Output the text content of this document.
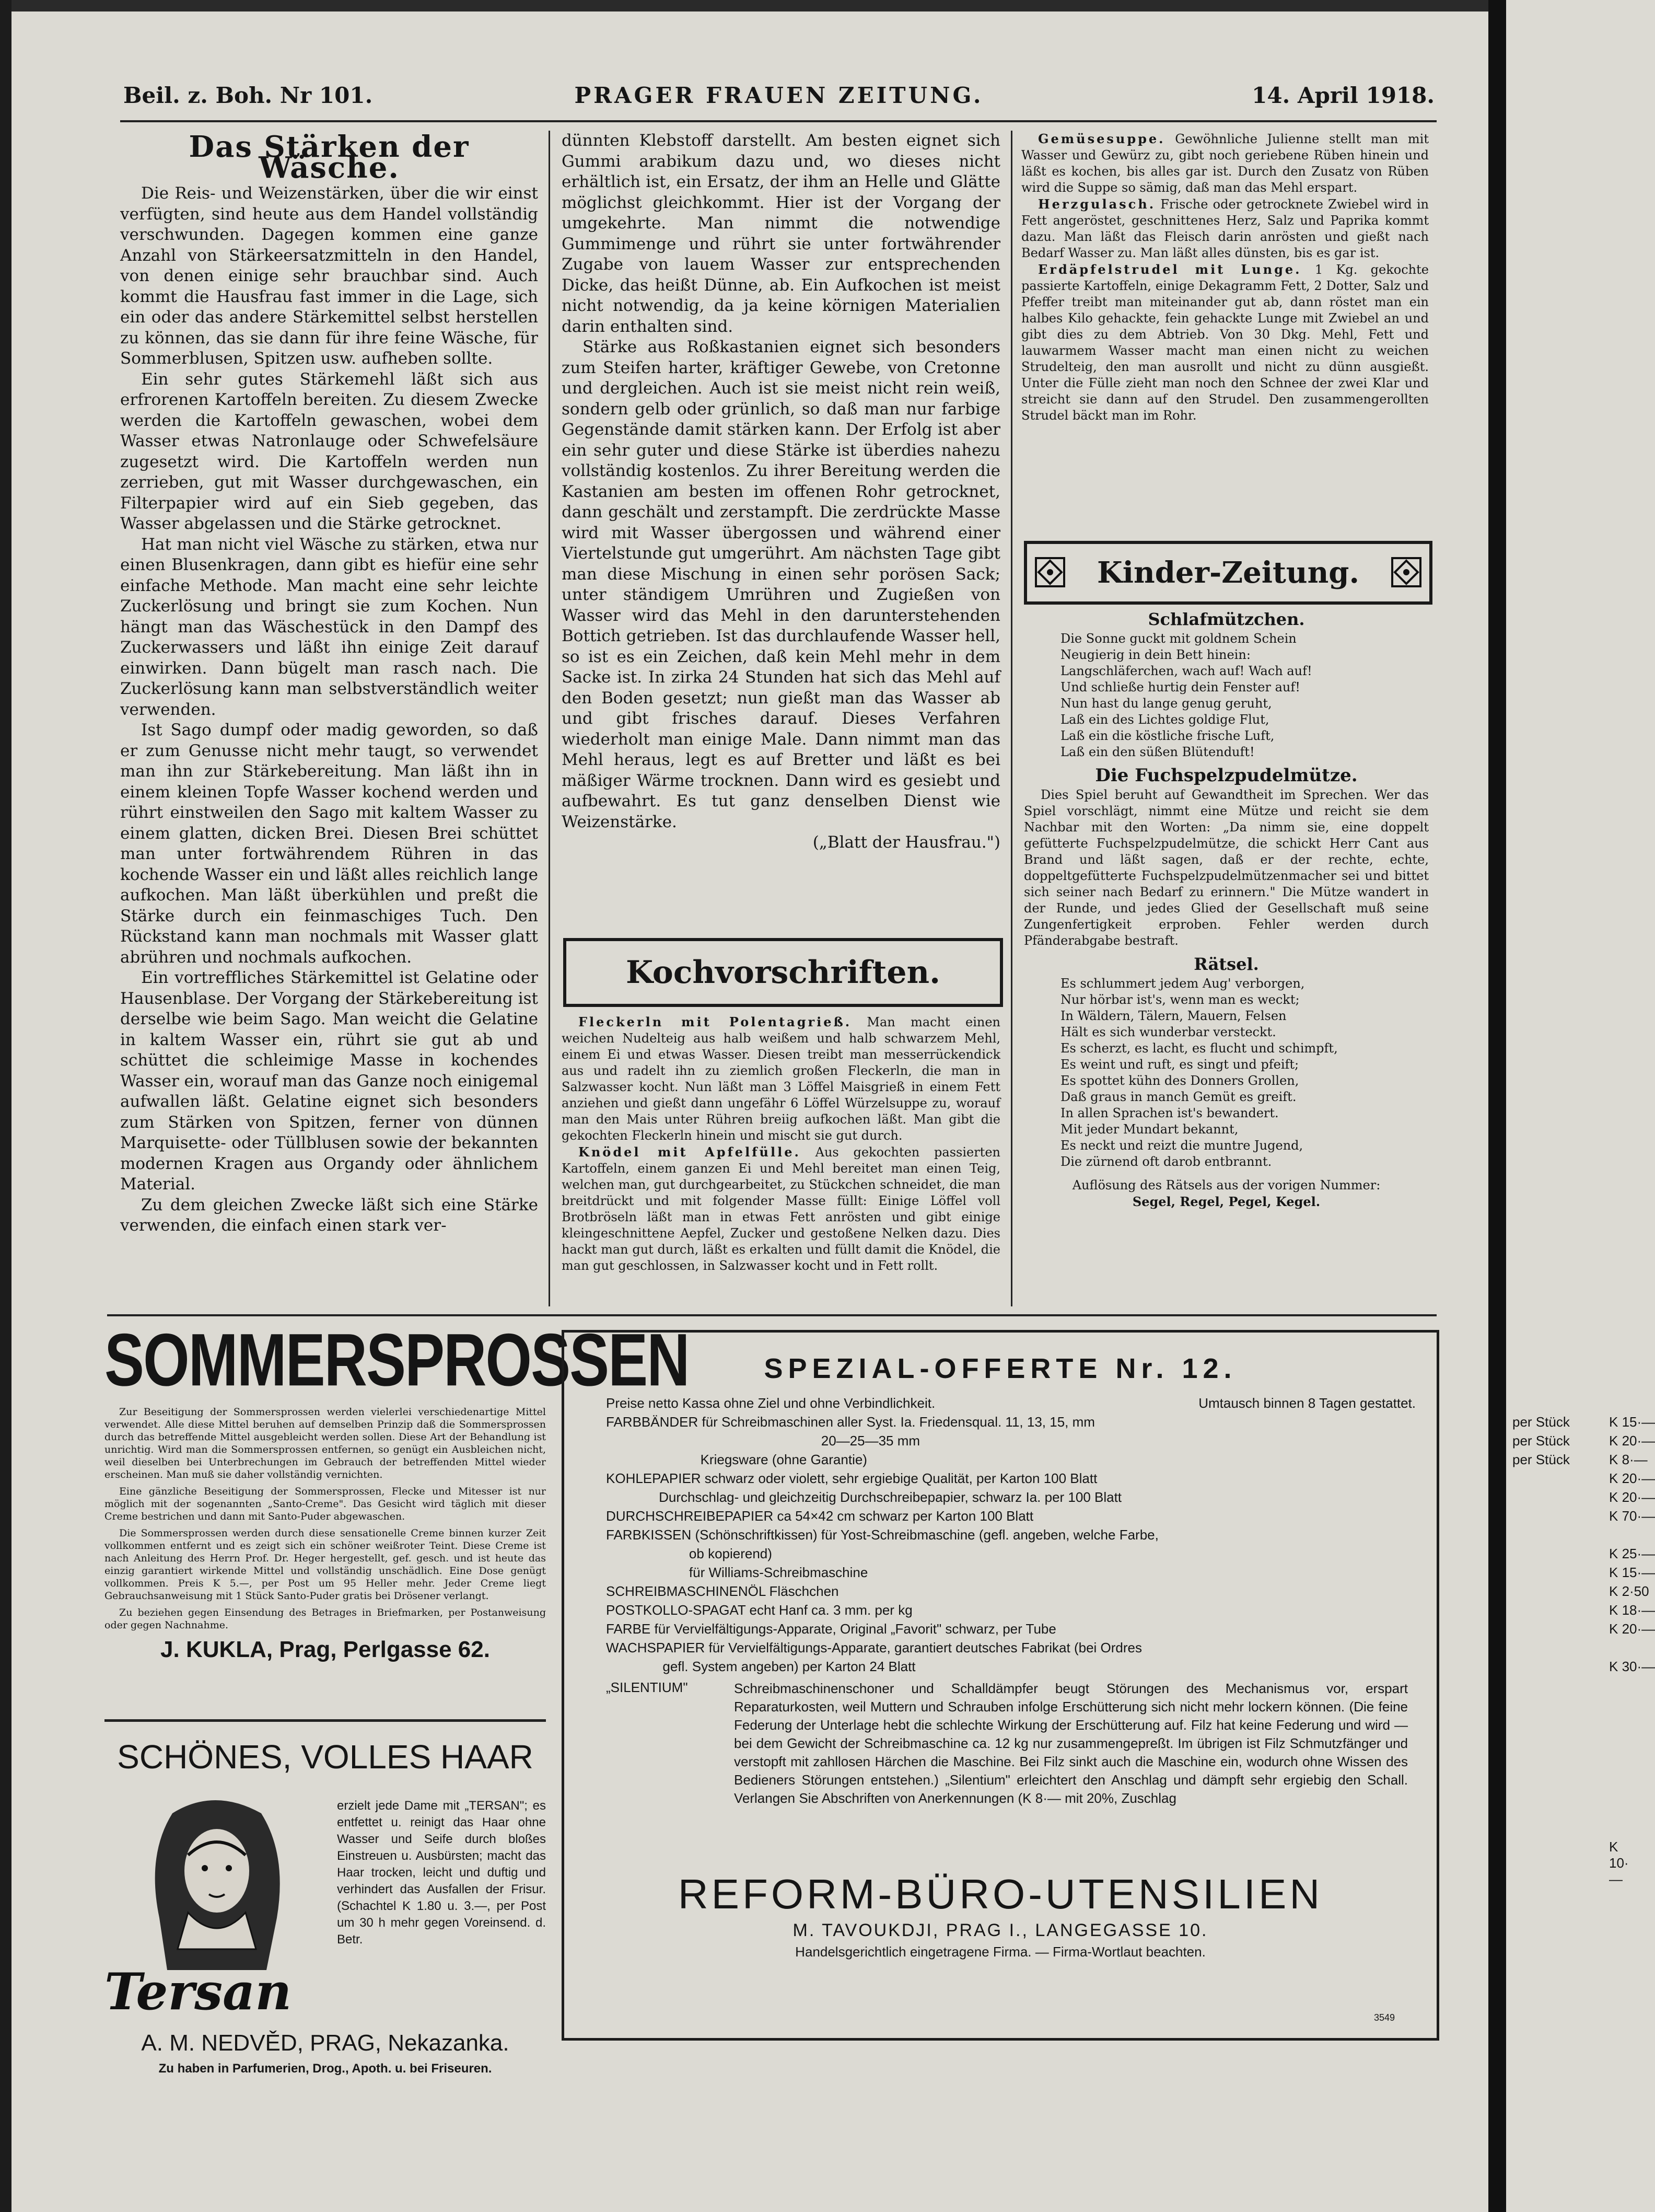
Beil. z. Boh. Nr 101.	PRAGER FRAUEN ZEITUNG.	14. April 1918.
Das Stärken der Wäsche.

Die Reis- und Weizenstärken, über die wir einst verfügten, sind heute aus dem Handel vollständig verschwunden. Dagegen kommen eine ganze Anzahl von Stärkeersatzmitteln in den Handel, von denen einige sehr brauchbar sind. Auch kommt die Hausfrau fast immer in die Lage, sich ein oder das andere Stärkemittel selbst herstellen zu können, das sie dann für ihre feine Wäsche, für Sommerblusen, Spitzen usw. aufheben sollte.

Ein sehr gutes Stärkemehl läßt sich aus erfrorenen Kartoffeln bereiten. Zu diesem Zwecke werden die Kartoffeln gewaschen, wobei dem Wasser etwas Natronlauge oder Schwefelsäure zugesetzt wird. Die Kartoffeln werden nun zerrieben, gut mit Wasser durchgewaschen, ein Filterpapier wird auf ein Sieb gegeben, das Wasser abgelassen und die Stärke getrocknet.

Hat man nicht viel Wäsche zu stärken, etwa nur einen Blusenkragen, dann gibt es hiefür eine sehr einfache Methode. Man macht eine sehr leichte Zuckerlösung und bringt sie zum Kochen. Nun hängt man das Wäschestück in den Dampf des Zuckerwassers und läßt ihn einige Zeit darauf einwirken. Dann bügelt man rasch nach. Die Zuckerlösung kann man selbstverständlich weiter verwenden.

Ist Sago dumpf oder madig geworden, so daß er zum Genusse nicht mehr taugt, so verwendet man ihn zur Stärkebereitung. Man läßt ihn in einem kleinen Topfe Wasser kochend werden und rührt einstweilen den Sago mit kaltem Wasser zu einem glatten, dicken Brei. Diesen Brei schüttet man unter fortwährendem Rühren in das kochende Wasser ein und läßt alles reichlich lange aufkochen. Man läßt überkühlen und preßt die Stärke durch ein feinmaschiges Tuch. Den Rückstand kann man nochmals mit Wasser glatt abrühren und nochmals aufkochen.

Ein vortreffliches Stärkemittel ist Gelatine oder Hausenblase. Der Vorgang der Stärkebereitung ist derselbe wie beim Sago. Man weicht die Gelatine in kaltem Wasser ein, rührt sie gut ab und schüttet die schleimige Masse in kochendes Wasser ein, worauf man das Ganze noch einigemal aufwallen läßt. Gelatine eignet sich besonders zum Stärken von Spitzen, ferner von dünnen Marquisette- oder Tüllblusen sowie der bekannten modernen Kragen aus Organdy oder ähnlichem Material.

Zu dem gleichen Zwecke läßt sich eine Stärke verwenden, die einfach einen stark ver-

dünnten Klebstoff darstellt. Am besten eignet sich Gummi arabikum dazu und, wo dieses nicht erhältlich ist, ein Ersatz, der ihm an Helle und Glätte möglichst gleichkommt. Hier ist der Vorgang der umgekehrte. Man nimmt die notwendige Gummimenge und rührt sie unter fortwährender Zugabe von lauem Wasser zur entsprechenden Dicke, das heißt Dünne, ab. Ein Aufkochen ist meist nicht notwendig, da ja keine körnigen Materialien darin enthalten sind.

Stärke aus Roßkastanien eignet sich besonders zum Steifen harter, kräftiger Gewebe, von Cretonne und dergleichen. Auch ist sie meist nicht rein weiß, sondern gelb oder grünlich, so daß man nur farbige Gegenstände damit stärken kann. Der Erfolg ist aber ein sehr guter und diese Stärke ist überdies nahezu vollständig kostenlos. Zu ihrer Bereitung werden die Kastanien am besten im offenen Rohr getrocknet, dann geschält und zerstampft. Die zerdrückte Masse wird mit Wasser übergossen und während einer Viertelstunde gut umgerührt. Am nächsten Tage gibt man diese Mischung in einen sehr porösen Sack; unter ständigem Umrühren und Zugießen von Wasser wird das Mehl in den darunterstehenden Bottich getrieben. Ist das durchlaufende Wasser hell, so ist es ein Zeichen, daß kein Mehl mehr in dem Sacke ist. In zirka 24 Stunden hat sich das Mehl auf den Boden gesetzt; nun gießt man das Wasser ab und gibt frisches darauf. Dieses Verfahren wiederholt man einige Male. Dann nimmt man das Mehl heraus, legt es auf Bretter und läßt es bei mäßiger Wärme trocknen. Dann wird es gesiebt und aufbewahrt. Es tut ganz denselben Dienst wie Weizenstärke.

(„Blatt der Hausfrau.")
Kochvorschriften.

Fleckerln mit Polentagrieß. Man macht einen weichen Nudelteig aus halb weißem und halb schwarzem Mehl, einem Ei und etwas Wasser. Diesen treibt man messerrückendick aus und radelt ihn zu ziemlich großen Fleckerln, die man in Salzwasser kocht. Nun läßt man 3 Löffel Maisgrieß in einem Fett anziehen und gießt dann ungefähr 6 Löffel Würzelsuppe zu, worauf man den Mais unter Rühren breiig aufkochen läßt. Man gibt die gekochten Fleckerln hinein und mischt sie gut durch.

Knödel mit Apfelfülle. Aus gekochten passierten Kartoffeln, einem ganzen Ei und Mehl bereitet man einen Teig, welchen man, gut durchgearbeitet, zu Stückchen schneidet, die man breitdrückt und mit folgender Masse füllt: Einige Löffel voll Brotbröseln läßt man in etwas Fett anrösten und gibt einige kleingeschnittene Aepfel, Zucker und gestoßene Nelken dazu. Dies hackt man gut durch, läßt es erkalten und füllt damit die Knödel, die man gut geschlossen, in Salzwasser kocht und in Fett rollt.

Gemüsesuppe. Gewöhnliche Julienne stellt man mit Wasser und Gewürz zu, gibt noch geriebene Rüben hinein und läßt es kochen, bis alles gar ist. Durch den Zusatz von Rüben wird die Suppe so sämig, daß man das Mehl erspart.

Herzgulasch. Frische oder getrocknete Zwiebel wird in Fett angeröstet, geschnittenes Herz, Salz und Paprika kommt dazu. Man läßt das Fleisch darin anrösten und gießt nach Bedarf Wasser zu. Man läßt alles dünsten, bis es gar ist.

Erdäpfelstrudel mit Lunge. 1 Kg. gekochte passierte Kartoffeln, einige Dekagramm Fett, 2 Dotter, Salz und Pfeffer treibt man miteinander gut ab, dann röstet man ein halbes Kilo gehackte, fein gehackte Lunge mit Zwiebel an und gibt dies zu dem Abtrieb. Von 30 Dkg. Mehl, Fett und lauwarmem Wasser macht man einen nicht zu weichen Strudelteig, den man ausrollt und nicht zu dünn ausgießt. Unter die Fülle zieht man noch den Schnee der zwei Klar und streicht sie dann auf den Strudel. Den zusammengerollten Strudel bäckt man im Rohr.

Kinder-Zeitung.
Schlafmützchen.
Die Sonne guckt mit goldnem Schein
Neugierig in dein Bett hinein:
Langschläferchen, wach auf! Wach auf!
Und schließe hurtig dein Fenster auf!
Nun hast du lange genug geruht,
Laß ein des Lichtes goldige Flut,
Laß ein die köstliche frische Luft,
Laß ein den süßen Blütenduft!
Die Fuchspelzpudelmütze.

Dies Spiel beruht auf Gewandtheit im Sprechen. Wer das Spiel vorschlägt, nimmt eine Mütze und reicht sie dem Nachbar mit den Worten: „Da nimm sie, eine doppelt gefütterte Fuchspelzpudelmütze, die schickt Herr Cant aus Brand und läßt sagen, daß er der rechte, echte, doppeltgefütterte Fuchspelzpudelmützenmacher sei und bittet sich seiner nach Bedarf zu erinnern." Die Mütze wandert in der Runde, und jedes Glied der Gesellschaft muß seine Zungenfertigkeit erproben. Fehler werden durch Pfänderabgabe bestraft.

Rätsel.
Es schlummert jedem Aug' verborgen,
Nur hörbar ist's, wenn man es weckt;
In Wäldern, Tälern, Mauern, Felsen
Hält es sich wunderbar versteckt.
Es scherzt, es lacht, es flucht und schimpft,
Es weint und ruft, es singt und pfeift;
Es spottet kühn des Donners Grollen,
Daß graus in manch Gemüt es greift.
In allen Sprachen ist's bewandert.
Mit jeder Mundart bekannt,
Es neckt und reizt die muntre Jugend,
Die zürnend oft darob entbrannt.
Auflösung des Rätsels aus der vorigen Nummer:
Segel, Regel, Pegel, Kegel.
SOMMERSPROSSEN

Zur Beseitigung der Sommersprossen werden vielerlei verschiedenartige Mittel verwendet. Alle diese Mittel beruhen auf demselben Prinzip daß die Sommersprossen durch das betreffende Mittel ausgebleicht werden sollen. Diese Art der Behandlung ist unrichtig. Wird man die Sommersprossen entfernen, so genügt ein Ausbleichen nicht, weil dieselben bei Unterbrechungen im Gebrauch der betreffenden Mittel wieder erscheinen. Man muß sie daher vollständig vernichten.

Eine gänzliche Beseitigung der Sommersprossen, Flecke und Mitesser ist nur möglich mit der sogenannten „Santo-Creme". Das Gesicht wird täglich mit dieser Creme bestrichen und dann mit Santo-Puder abgewaschen.

Die Sommersprossen werden durch diese sensationelle Creme binnen kurzer Zeit vollkommen entfernt und es zeigt sich ein schöner weißroter Teint. Diese Creme ist nach Anleitung des Herrn Prof. Dr. Heger hergestellt, gef. gesch. und ist heute das einzig garantiert wirkende Mittel und vollständig unschädlich. Eine Dose genügt vollkommen. Preis K 5.—, per Post um 95 Heller mehr. Jeder Creme liegt Gebrauchsanweisung mit 1 Stück Santo-Puder gratis bei Drösener verlangt.

Zu beziehen gegen Einsendung des Betrages in Briefmarken, per Postanweisung oder gegen Nachnahme.

J. KUKLA, Prag, Perlgasse 62.
SCHÖNES, VOLLES HAAR
Tersan
erzielt jede Dame mit „TERSAN"; es entfettet u. reinigt das Haar ohne Wasser und Seife durch bloßes Einstreuen u. Ausbürsten; macht das Haar trocken, leicht und duftig und verhindert das Ausfallen der Frisur. (Schachtel K 1.80 u. 3.—, per Post um 30 h mehr gegen Voreinsend. d. Betr.
A. M. NEDVĚD, PRAG, Nekazanka.
Zu haben in Parfumerien, Drog., Apoth. u. bei Friseuren.
SPEZIAL-OFFERTE Nr. 12.
Preise netto Kassa ohne Ziel und ohne Verbindlichkeit.	Umtausch binnen 8 Tagen gestattet.
FARBBÄNDER für Schreibmaschinen aller Syst. Ia. Friedensqual. 11, 13, 15, mm	per Stück	K 15·—
20—25—35 mm	per Stück	K 20·—
Kriegsware (ohne Garantie)	per Stück	K 8·—
KOHLEPAPIER schwarz oder violett, sehr ergiebige Qualität, per Karton 100 Blatt	K 20·—
Durchschlag- und gleichzeitig Durchschreibepapier, schwarz Ia. per 100 Blatt	K 20·—
DURCHSCHREIBEPAPIER ca 54×42 cm schwarz per Karton 100 Blatt	K 70·—
FARBKISSEN (Schönschriftkissen) für Yost-Schreibmaschine (gefl. angeben, welche Farbe,
ob kopierend)	K 25·—
für Williams-Schreibmaschine	K 15·—
SCHREIBMASCHINENÖL Fläschchen	K 2·50
POSTKOLLO-SPAGAT echt Hanf ca. 3 mm. per kg	K 18·—
FARBE für Vervielfältigungs-Apparate, Original „Favorit" schwarz, per Tube	K 20·—
WACHSPAPIER für Vervielfältigungs-Apparate, garantiert deutsches Fabrikat (bei Ordres
gefl. System angeben) per Karton 24 Blatt	K 30·—
„SILENTIUM"	Schreibmaschinenschoner und Schalldämpfer beugt Störungen des Mechanismus vor, erspart Reparaturkosten, weil Muttern und Schrauben infolge Erschütterung sich nicht mehr lockern können. (Die feine Federung der Unterlage hebt die schlechte Wirkung der Erschütterung auf. Filz hat keine Federung und wird — bei dem Gewicht der Schreibmaschine ca. 12 kg nur zusammengepreßt. Im übrigen ist Filz Schmutzfänger und verstopft mit zahllosen Härchen die Maschine. Bei Filz sinkt auch die Maschine ein, wodurch ohne Wissen des Bedieners Störungen entstehen.) „Silentium" erleichtert den Anschlag und dämpft sehr ergiebig den Schall. Verlangen Sie Abschriften von Anerkennungen (K 8·— mit 20%, Zuschlag
K 10·—
REFORM-BÜRO-UTENSILIEN
M. TAVOUKDJI, PRAG I., LANGEGASSE 10.
Handelsgerichtlich eingetragene Firma. — Firma-Wortlaut beachten.
3549
